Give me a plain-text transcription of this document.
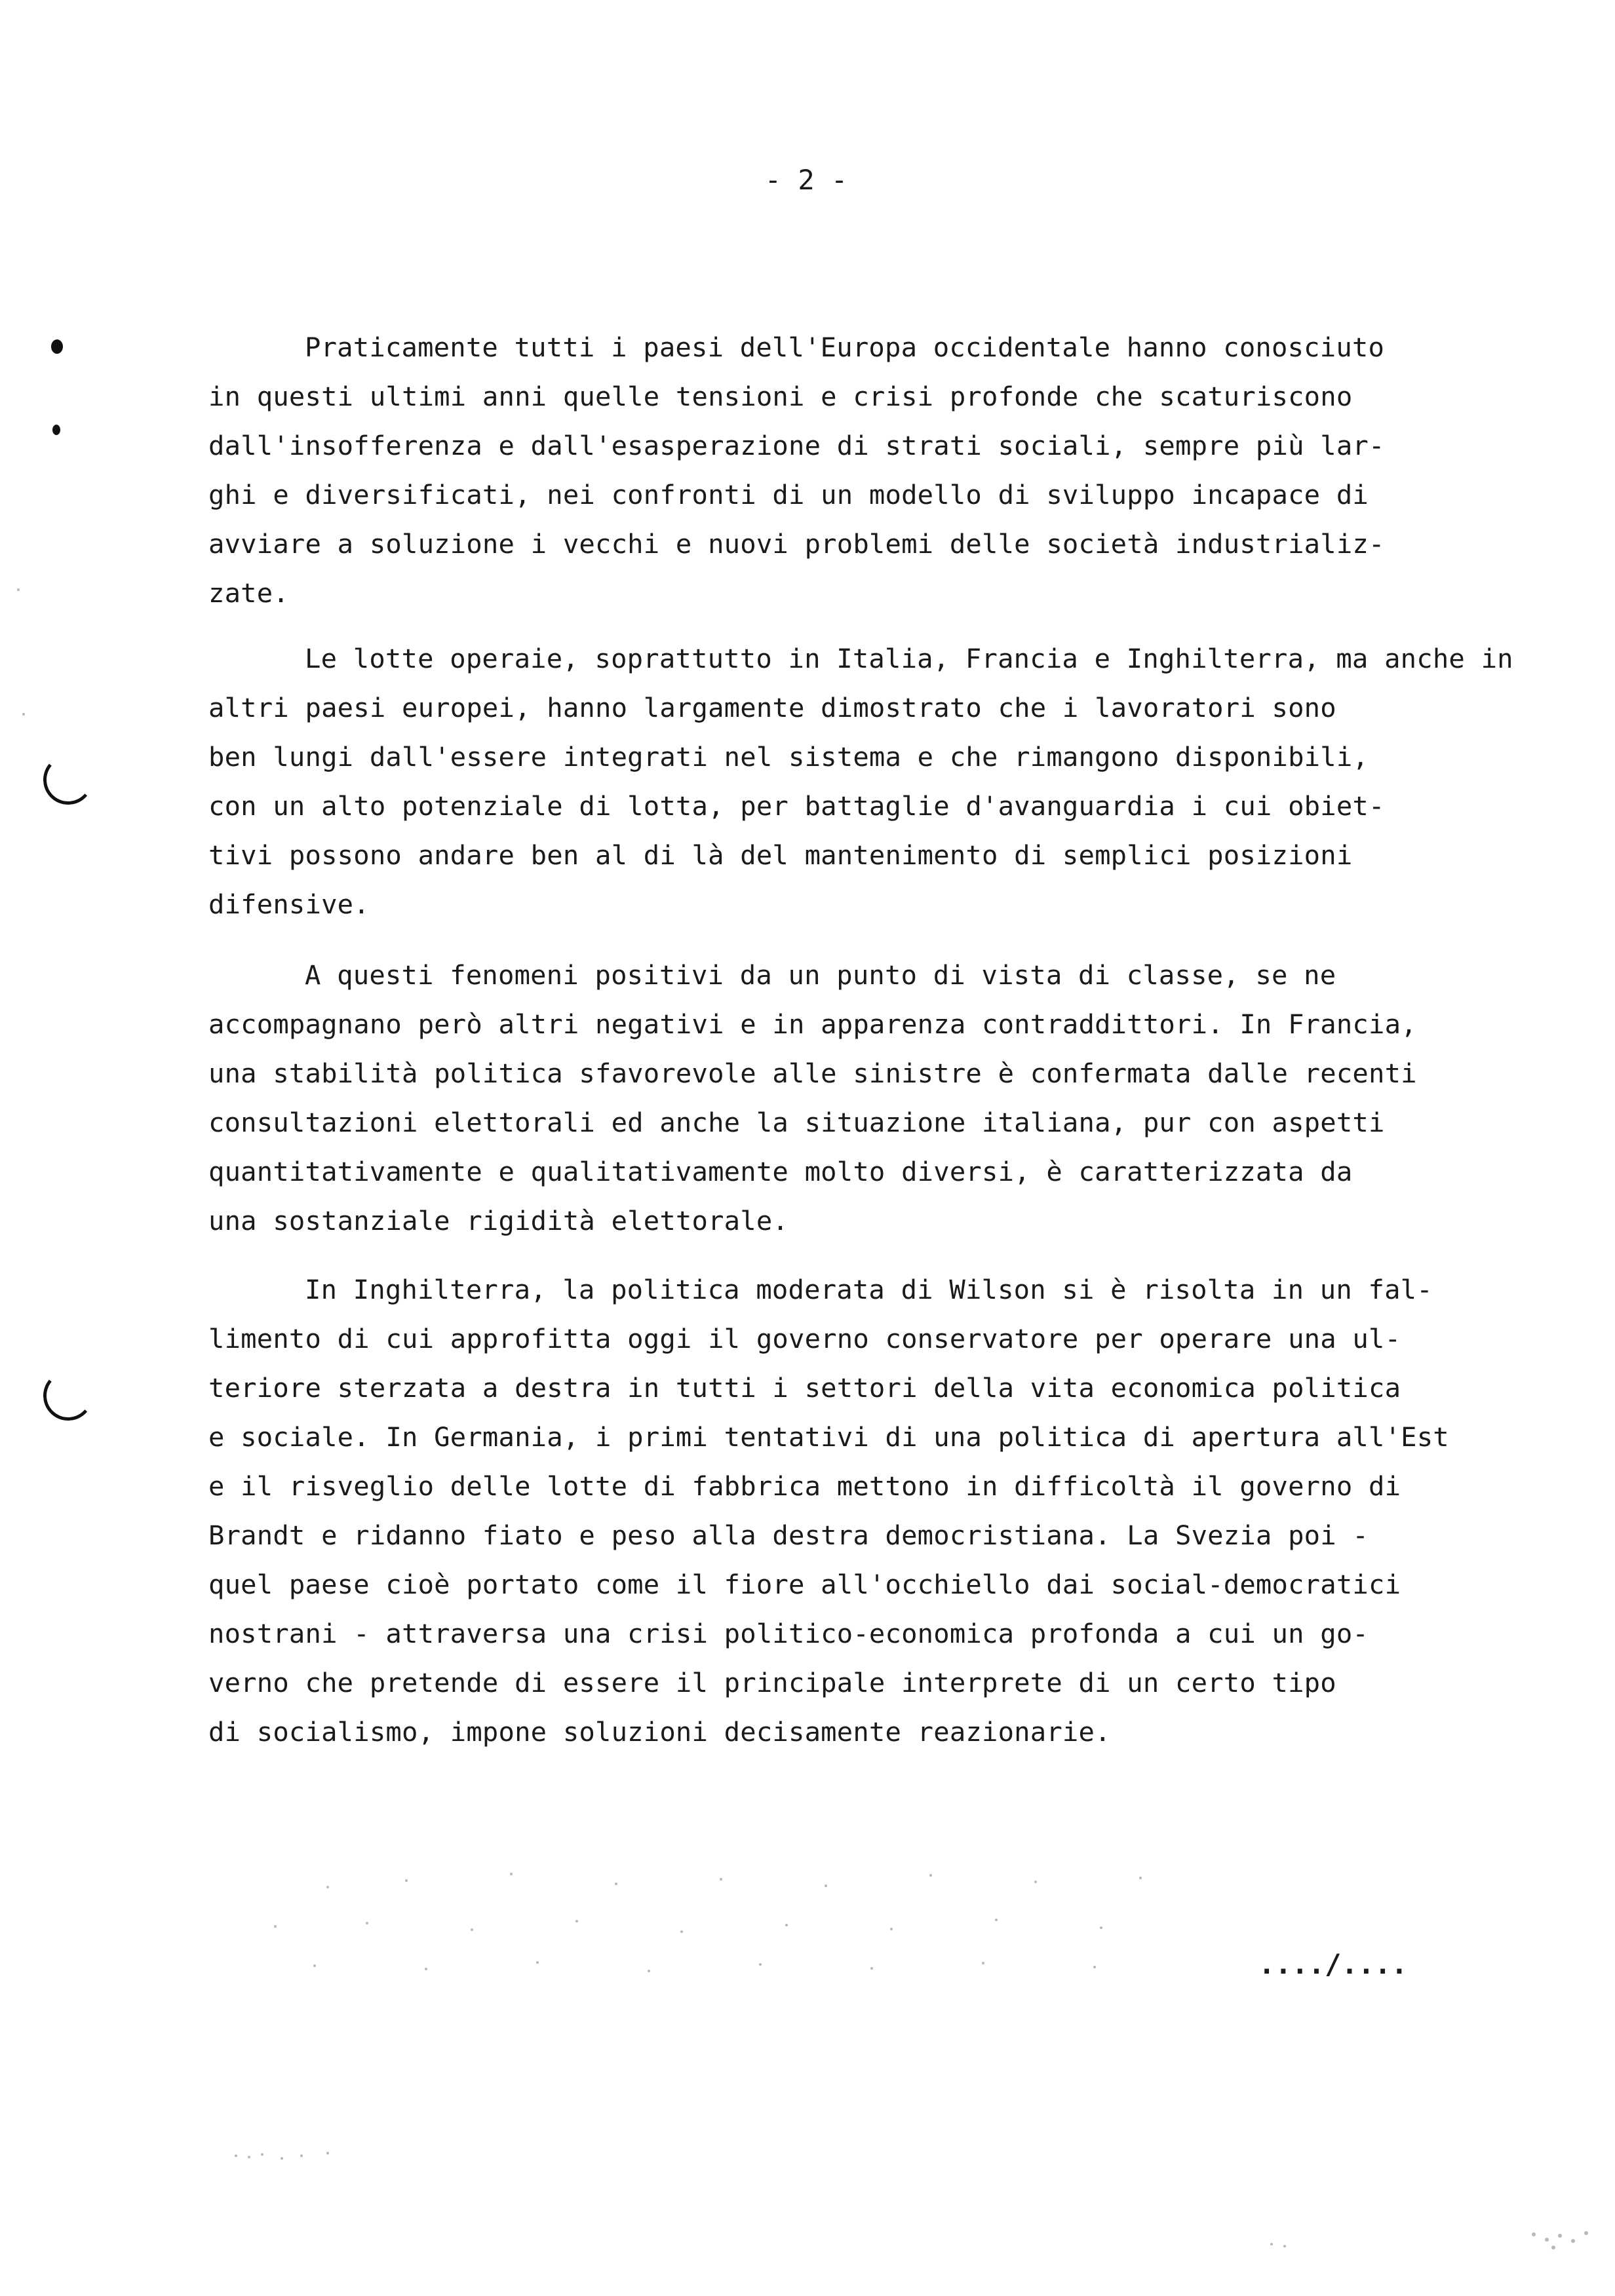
- 2 -
Praticamente tutti i paesi dell'Europa occidentale hanno conosciuto
in questi ultimi anni quelle tensioni e crisi profonde che scaturiscono
dall'insofferenza e dall'esasperazione di strati sociali, sempre più lar-
ghi e diversificati, nei confronti di un modello di sviluppo incapace di
avviare a soluzione i vecchi e nuovi problemi delle società industrializ-
zate.
Le lotte operaie, soprattutto in Italia, Francia e Inghilterra, ma anche in
altri paesi europei, hanno largamente dimostrato che i lavoratori sono
ben lungi dall'essere integrati nel sistema e che rimangono disponibili,
con un alto potenziale di lotta, per battaglie d'avanguardia i cui obiet-
tivi possono andare ben al di là del mantenimento di semplici posizioni
difensive.
A questi fenomeni positivi da un punto di vista di classe, se ne
accompagnano però altri negativi e in apparenza contraddittori. In Francia,
una stabilità politica sfavorevole alle sinistre è confermata dalle recenti
consultazioni elettorali ed anche la situazione italiana, pur con aspetti
quantitativamente e qualitativamente molto diversi, è caratterizzata da
una sostanziale rigidità elettorale.
In Inghilterra, la politica moderata di Wilson si è risolta in un fal-
limento di cui approfitta oggi il governo conservatore per operare una ul-
teriore sterzata a destra in tutti i settori della vita economica politica
e sociale. In Germania, i primi tentativi di una politica di apertura all'Est
e il risveglio delle lotte di fabbrica mettono in difficoltà il governo di
Brandt e ridanno fiato e peso alla destra democristiana. La Svezia poi -
quel paese cioè portato come il fiore all'occhiello dai social-democratici
nostrani - attraversa una crisi politico-economica profonda a cui un go-
verno che pretende di essere il principale interprete di un certo tipo
di socialismo, impone soluzioni decisamente reazionarie.
..../....
